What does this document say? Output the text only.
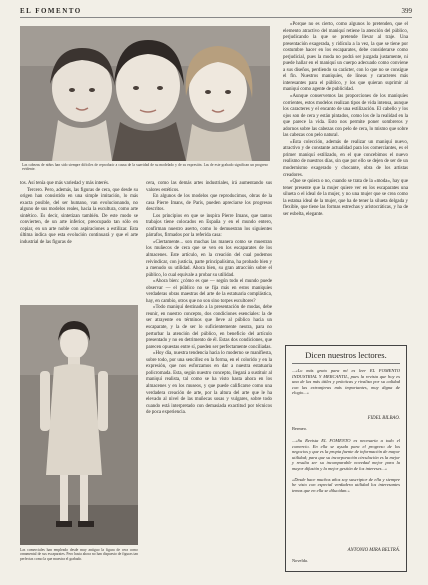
EL FOMENTO	399
Las cabezas de niños han sido siempre difíciles de reproducir a causa de la suavidad de su modelado y de su expresión. Las de este grabado significan un progreso evidente.

tos. Así tenía que más variedad y más interés.

Tercero. Pero, además, las figuras de cera, que desde su origen han consistido en una simple imitación, lo más exacta posible, del ser humano, van evolucionando, no alguno de sus modelos reales, hacia la escultura, como arte sintético. Es decir, sintetizan también. De este modo se convierten, de un arte inferior, preocupado tan sólo en copiar, en un arte noble con aspiraciones a estilizar. Esta última indica que esta evolución continuará y que el arte industrial de las figuras de

Las comerciales han empleado desde muy antiguo la figura de cera como ornamental de sus escaparates. Pero hasta ahora no han dispuesto de figuras tan perfectas como la que muestra el grabado.

cera, como las demás artes industriales, irá aumentando sus valores estéticos.

En algunos de los modelos que reproducimos, obras de la casa Pierre Imans, de París, pueden apreciarse los progresos descritos.

Los principios en que se inspira Pierre Imans, que tantos trabajos tiene colocados en España y en el mundo entero, confirman nuestro aserto, como lo demuestran los siguientes párrafos, firmados por la referida casa:

«Ciertamente... son muchas las manera como se muestran los muñecos de cera que se ven en los escaparates de los almacenes. Este artículo, en la creación del cual podemos reivindicar, con justicia, parte principalísima, ha probado bien y a menudo su utilidad. Ahora bien, su gran atracción sobre el público, lo cual equivale a probar su utilidad.

»Ahora bien: ¿cómo es que — según todo el mundo puede observar — el público no se fija más en estos maniquíes verdaderas obras maestras del arte de la estatuaria complástica, hay, en cambio, otros que no son sino torpes escultores?

»Todo maniquí destinado a la presentación de modas, debe reunir, en nuestro concepto, dos condiciones esenciales: la de ser atrayente en términos que lleve al público hacia un escaparate, y la de ser lo suficientemente neutra, para no perturbar la atención del público, en beneficio del artículo presentado y no en detrimento de él. Estas dos condiciones, que parecen opuestas entre sí, pueden ser perfectamente conciliadas.

»Hoy día, nuestra tendencia hacia lo moderno se manifiesta, sobre todo, por una sencillez en la forma, en el colorido y en la expresión, que nos esforzamos en dar a nuestra estatuaria policromada. Esta, según nuestro concepto, llegará a sustituir al maniquí realista, tal como se ha visto hasta ahora en los almacenes y en los museos, y que puede calificarse como una verdadera creación de arte, por la altura del arte que le ha elevado al nivel de las muñecas sosas y vulgares, sobre todo cuando está interpretado con demasiada exactitud por técnicos de poca experiencia.

»Porque no es cierto, como algunos lo pretenden, que el elemento atractivo del maniquí retiene la atención del público, perjudicando la que se pretende llevar al traje. Una presentación exagerada, y ridícula a la vez, la que se tiene por costumbre hacer en los escaparates, debe considerarse como perjudicial, pues la moda no podrá ser juzgada justamente, ni puede hallar en el maniquí un cuerpo adecuado como conviene a sus diseños, perdiendo su carácter, con lo que no se consigue el fin. Nuestros maniquíes, de líneas y caracteres más interesantes para el público, y los que quieran suprimir al maniquí como agente de publicidad.

»Aunque conservemos las proporciones de los maniquíes corrientes, estos modelos realizan tipos de vida intensa, aunque los caracteres y el encanto de una estilización. El cabello y los ojos son de cera y están pintados, como los de la realidad en la que parece la vida. Esto nos permite poner sombreros y adornos sobre las cabezas con pelo de cera, lo mismo que sobre las cabezas con pelo natural.

»Esta colección, además de realizar un maniquí nuevo, atractivo y de constante actualidad para los comerciantes, es el primer maniquí estilizado, en el que concebimos el nuevo realismo de nuestros días, sin que por ello se dejen de ser de un modernismo exagerado y chocante, obra de los artistas creadores.

»Que se quiera o no, cuando se trata de la «moda», hay que tener presente que la mujer quiere ver en los escaparates una silueta o el ideal de la mujer, y no una mujer que se crea como la estatua ideal de la mujer, que ha de tener la silueta delgada y flexible, que tiene las formas estrechas y aristocráticas, y ha de ser esbelta, elegante.

Dicen nuestros lectores.
...«Lo más grato para mí es leer EL FOMENTO INDUSTRIAL Y MERCANTIL, pues la revista que hoy es una de las más útiles y prácticas y rivaliza por su calidad con las extranjeras más importantes, muy digna de elogio...»
FIDEL BILBAO.
Bermeo.
...«Su Revista EL FOMENTO es necesaria a todo el comercio. En ella se ayuda para el progreso de los negocios y que es la propia fuente de información de mayor utilidad; para que su incorporación circulación es la mejor y resulta ser su incomparable novedad mejor para la mayor difusión y la mejor gestión de los intereses...»

«Desde hace muchos años soy suscriptor de ella y siempre he visto con especial verdadera utilidad los interesantes temas que en ella se dilucidan.»
ANTONIO MIRA BELTRÁ.
Novelda.
